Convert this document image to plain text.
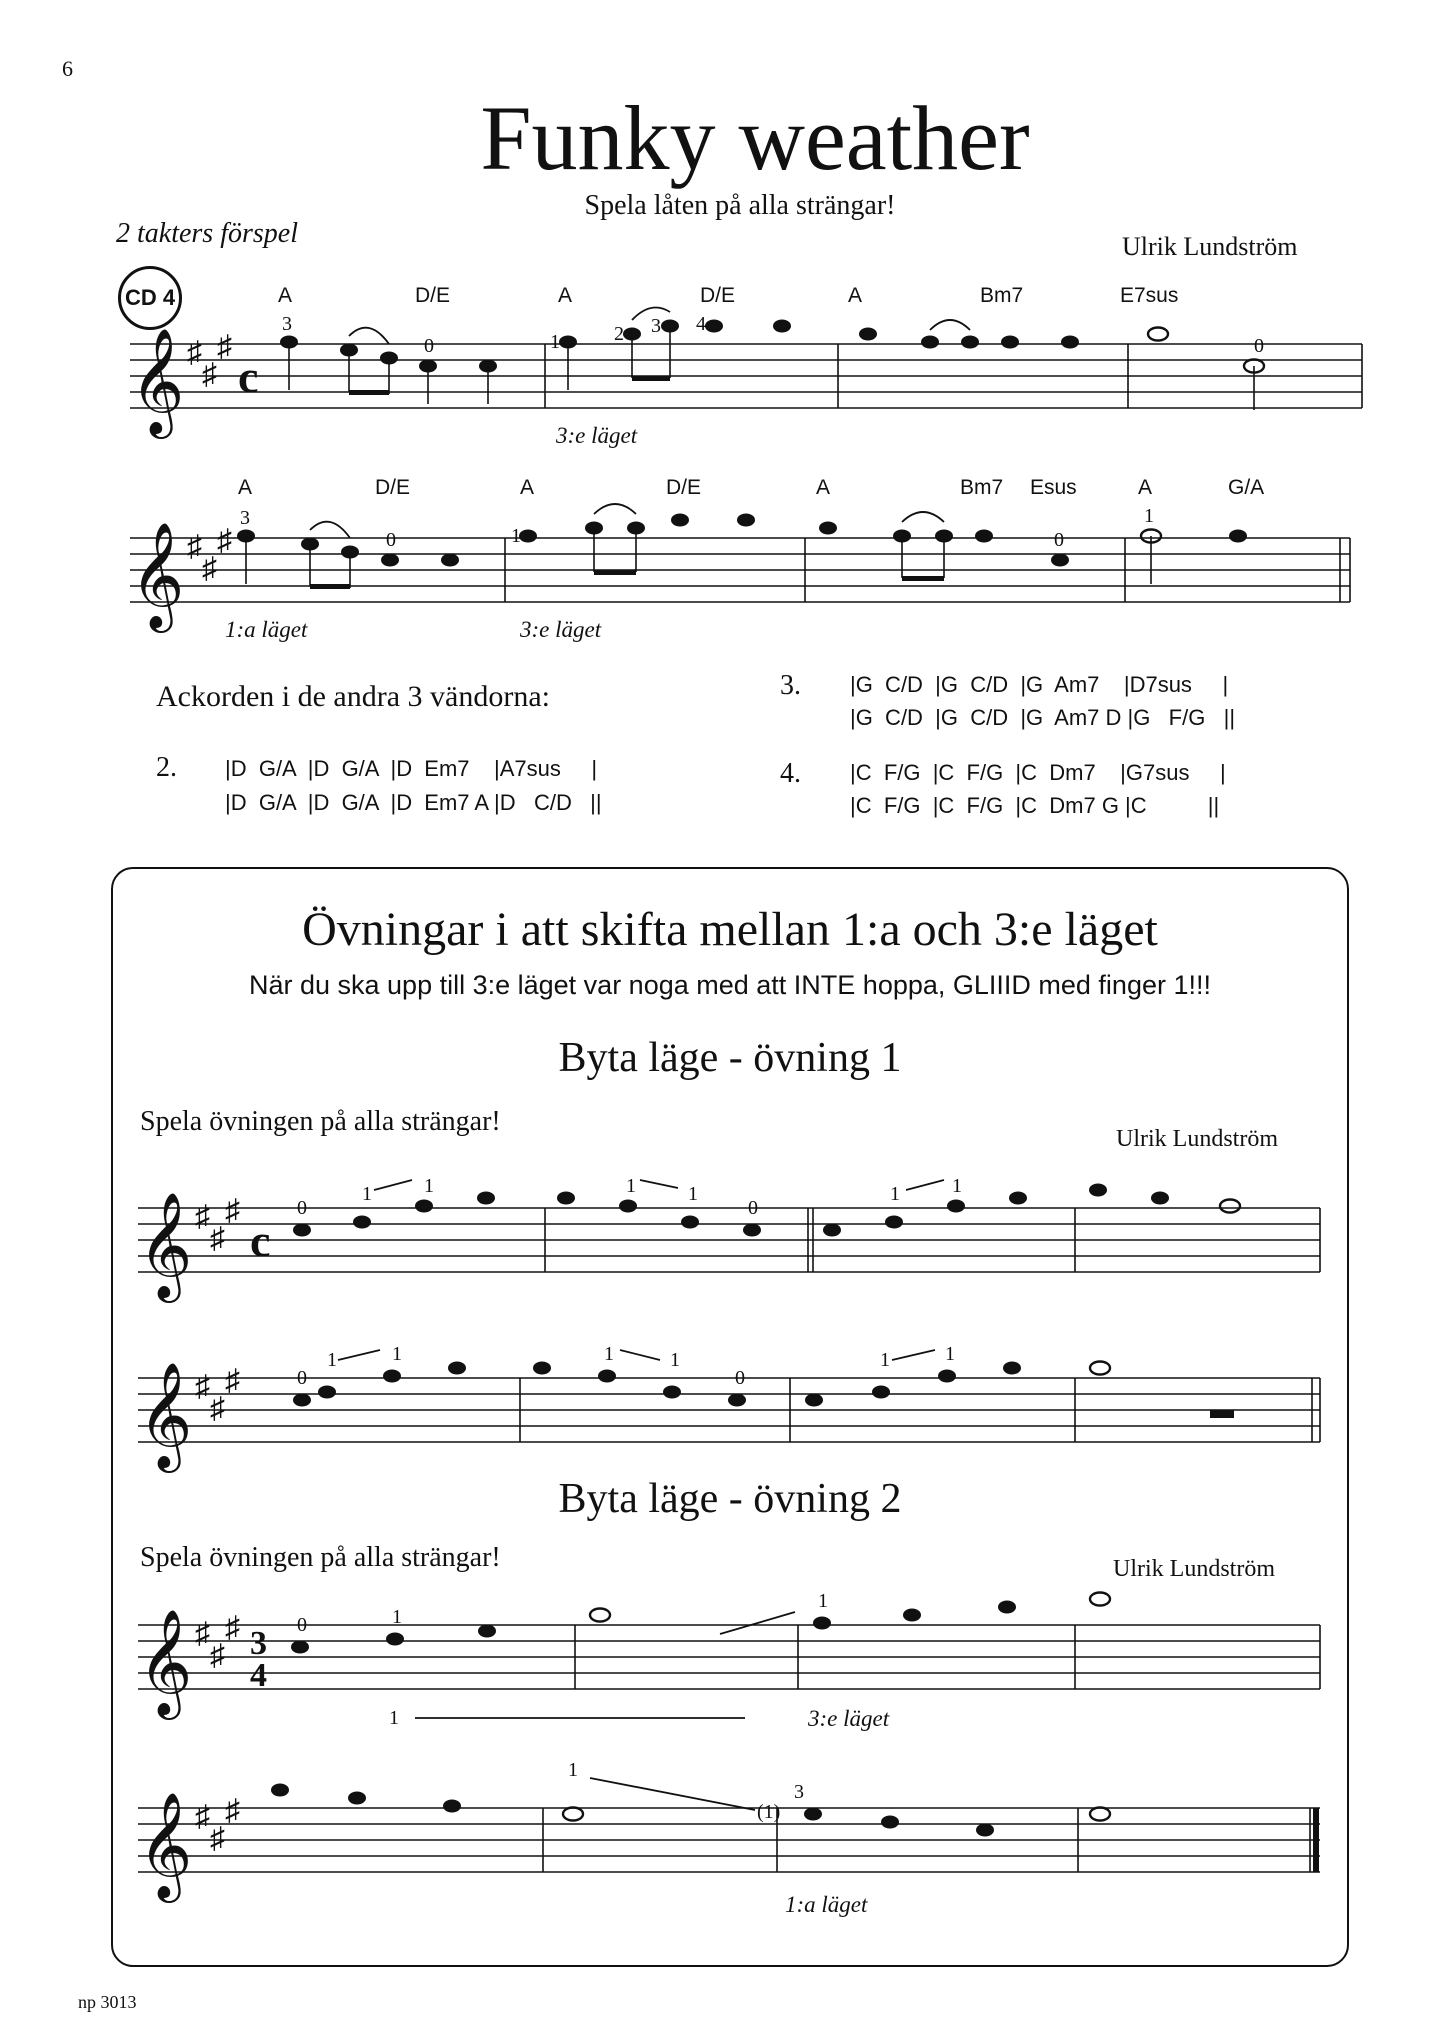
6
Funky weather
Spela låten på alla strängar!
2 takters förspel	Ulrik Lundström
CD 4	A	D/E	A	D/E	A	Bm7	E7sus
𝄞
𝄞
𝄞
𝄞
𝄞
𝄞
♯
♯
♯
♯
♯
♯
♯
♯
♯
♯
♯
♯
♯
♯
♯
♯
♯
♯
c
c
3
4
3
0	1	2 3 4
0
3
0	1	0
1
0
1	1	1	1
0
1	1
0
1	1	1	1
0
1	1
0	1
1
1
1
(1)
3
3:e läget
A	D/E	A	D/E	A	Bm7 Esus	A	G/A
1:a läget	3:e läget
Ackorden i de andra 3 vändorna:
2. |D  G/A  |D  G/A  |D  Em7    |A7sus     |
|D  G/A  |D  G/A  |D  Em7 A |D   C/D   ||
3. |G  C/D  |G  C/D  |G  Am7    |D7sus     |
|G  C/D  |G  C/D  |G  Am7 D |G   F/G   ||
4. |C  F/G  |C  F/G  |C  Dm7    |G7sus     |
|C  F/G  |C  F/G  |C  Dm7 G |C          ||
Övningar i att skifta mellan 1:a och 3:e läget
När du ska upp till 3:e läget var noga med att INTE hoppa, GLIIID med finger 1!!!
Byta läge - övning 1
Spela övningen på alla strängar!
Ulrik Lundström
Byta läge - övning 2
Spela övningen på alla strängar!	Ulrik Lundström
3:e läget
1:a läget
np 3013
